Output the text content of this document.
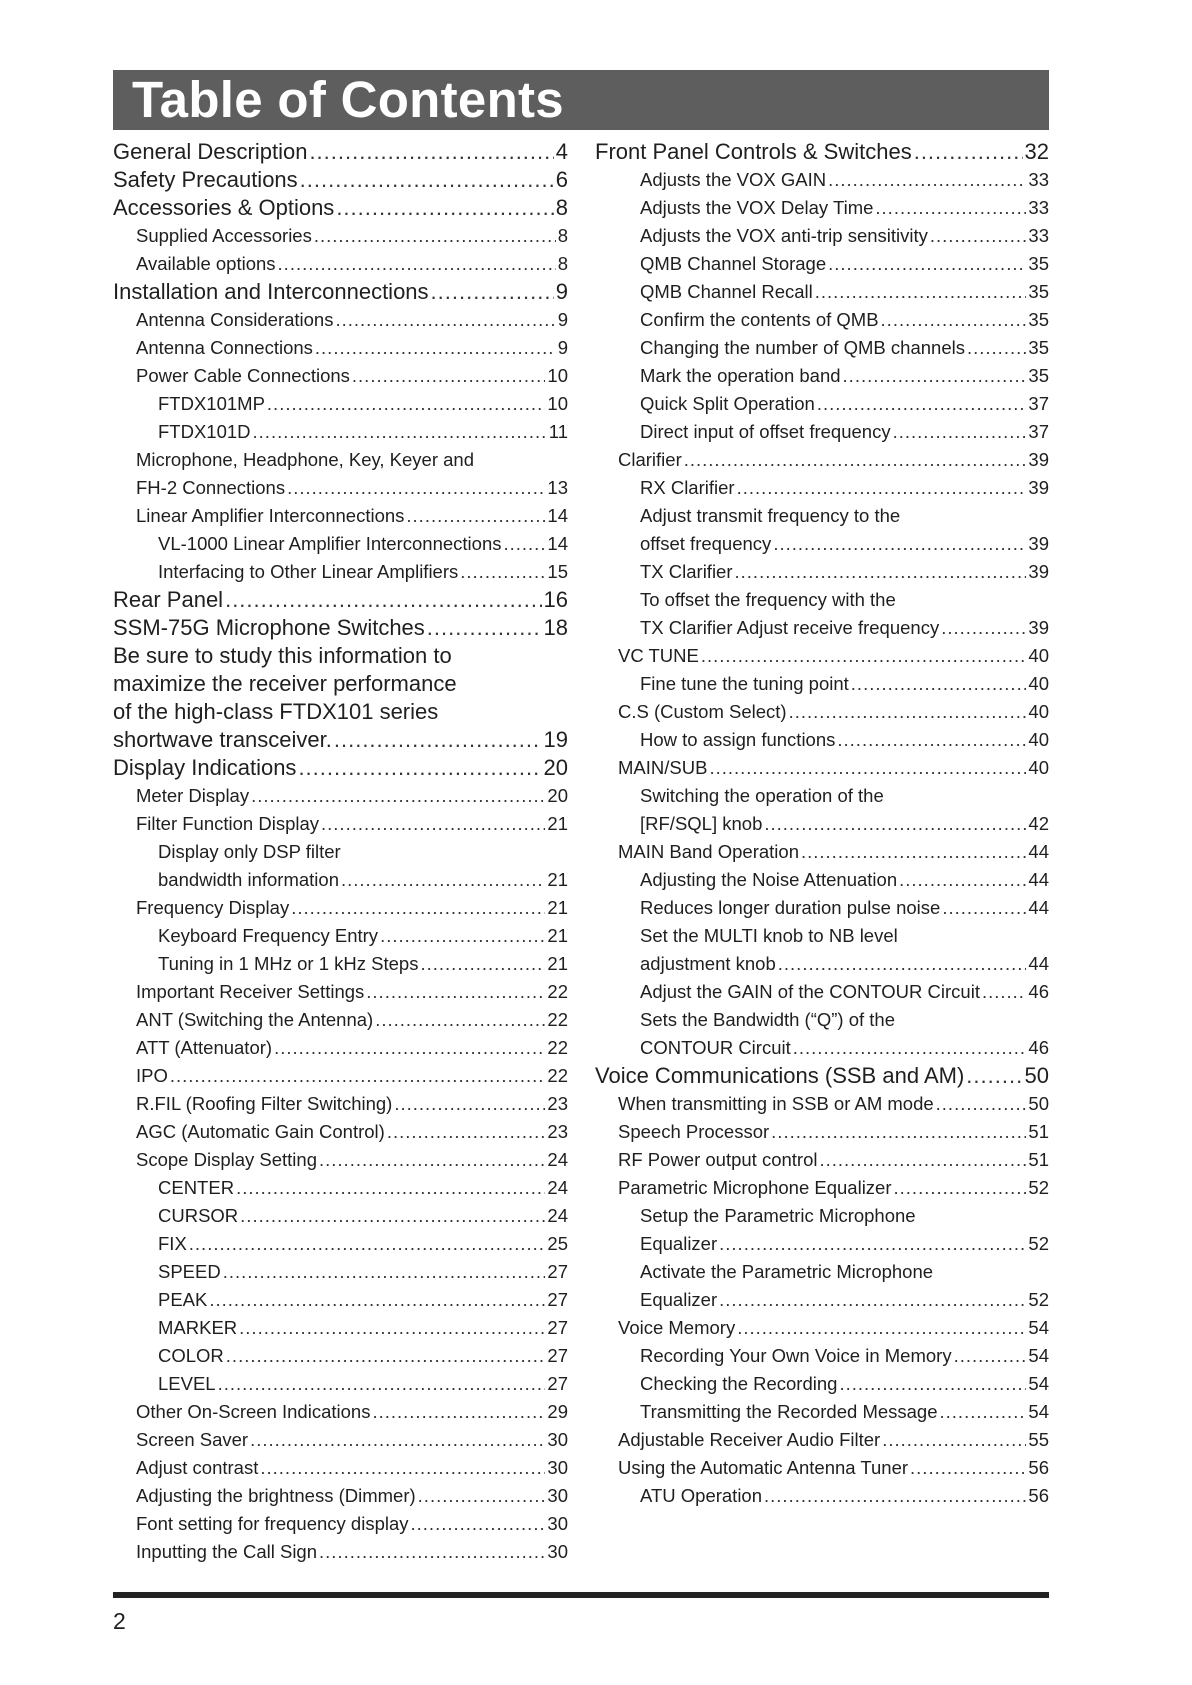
Table of Contents
General Description .....	4
Safety Precautions .....	6
Accessories & Options .....	8
Supplied Accessories .....	8
Available options .....	8
Installation and Interconnections .....	9
Antenna Considerations .....	9
Antenna Connections .....	9
Power Cable Connections .....	10
FTDX101MP .....	10
FTDX101D .....	11
Microphone, Headphone, Key, Keyer and
FH-2 Connections .....	13
Linear Amplifier Interconnections .....	14
VL-1000 Linear Amplifier Interconnections ..... 14
Interfacing to Other Linear Amplifiers .....	15
Rear Panel .....	16
SSM-75G Microphone Switches .....	18
Be sure to study this information to
maximize the receiver performance
of the high-class FTDX101 series
shortwave transceiver. .....	19
Display Indications .....	20
Meter Display .....	20
Filter Function Display .....	21
Display only DSP filter
bandwidth information .....	21
Frequency Display .....	21
Keyboard Frequency Entry .....	21
Tuning in 1 MHz or 1 kHz Steps .....	21
Important Receiver Settings .....	22
ANT (Switching the Antenna) .....	22
ATT (Attenuator) .....	22
IPO .....	22
R.FIL (Roofing Filter Switching) .....	23
AGC (Automatic Gain Control) .....	23
Scope Display Setting .....	24
CENTER .....	24
CURSOR .....	24
FIX .....	25
SPEED .....	27
PEAK .....	27
MARKER .....	27
COLOR .....	27
LEVEL .....	27
Other On-Screen Indications .....	29
Screen Saver .....	30
Adjust contrast .....	30
Adjusting the brightness (Dimmer) .....	30
Font setting for frequency display .....	30
Inputting the Call Sign .....	30
Front Panel Controls & Switches .....	32
Adjusts the VOX GAIN .....	33
Adjusts the VOX Delay Time .....	33
Adjusts the VOX anti-trip sensitivity .....	33
QMB Channel Storage .....	35
QMB Channel Recall .....	35
Confirm the contents of QMB .....	35
Changing the number of QMB channels .....	35
Mark the operation band .....	35
Quick Split Operation .....	37
Direct input of offset frequency .....	37
Clarifier .....	39
RX Clarifier .....	39
Adjust transmit frequency to the
offset frequency .....	39
TX Clarifier .....	39
To offset the frequency with the
TX Clarifier Adjust receive frequency .....	39
VC TUNE .....	40
Fine tune the tuning point .....	40
C.S (Custom Select) .....	40
How to assign functions .....	40
MAIN/SUB .....	40
Switching the operation of the
[RF/SQL] knob .....	42
MAIN Band Operation .....	44
Adjusting the Noise Attenuation .....	44
Reduces longer duration pulse noise .....	44
Set the MULTI knob to NB level
adjustment knob .....	44
Adjust the GAIN of the CONTOUR Circuit .....	46
Sets the Bandwidth (“Q”) of the
CONTOUR Circuit .....	46
Voice Communications (SSB and AM) .....	50
When transmitting in SSB or AM mode .....	50
Speech Processor .....	51
RF Power output control .....	51
Parametric Microphone Equalizer .....	52
Setup the Parametric Microphone
Equalizer .....	52
Activate the Parametric Microphone
Equalizer .....	52
Voice Memory .....	54
Recording Your Own Voice in Memory .....	54
Checking the Recording .....	54
Transmitting the Recorded Message .....	54
Adjustable Receiver Audio Filter .....	55
Using the Automatic Antenna Tuner .....	56
ATU Operation .....	56
2
